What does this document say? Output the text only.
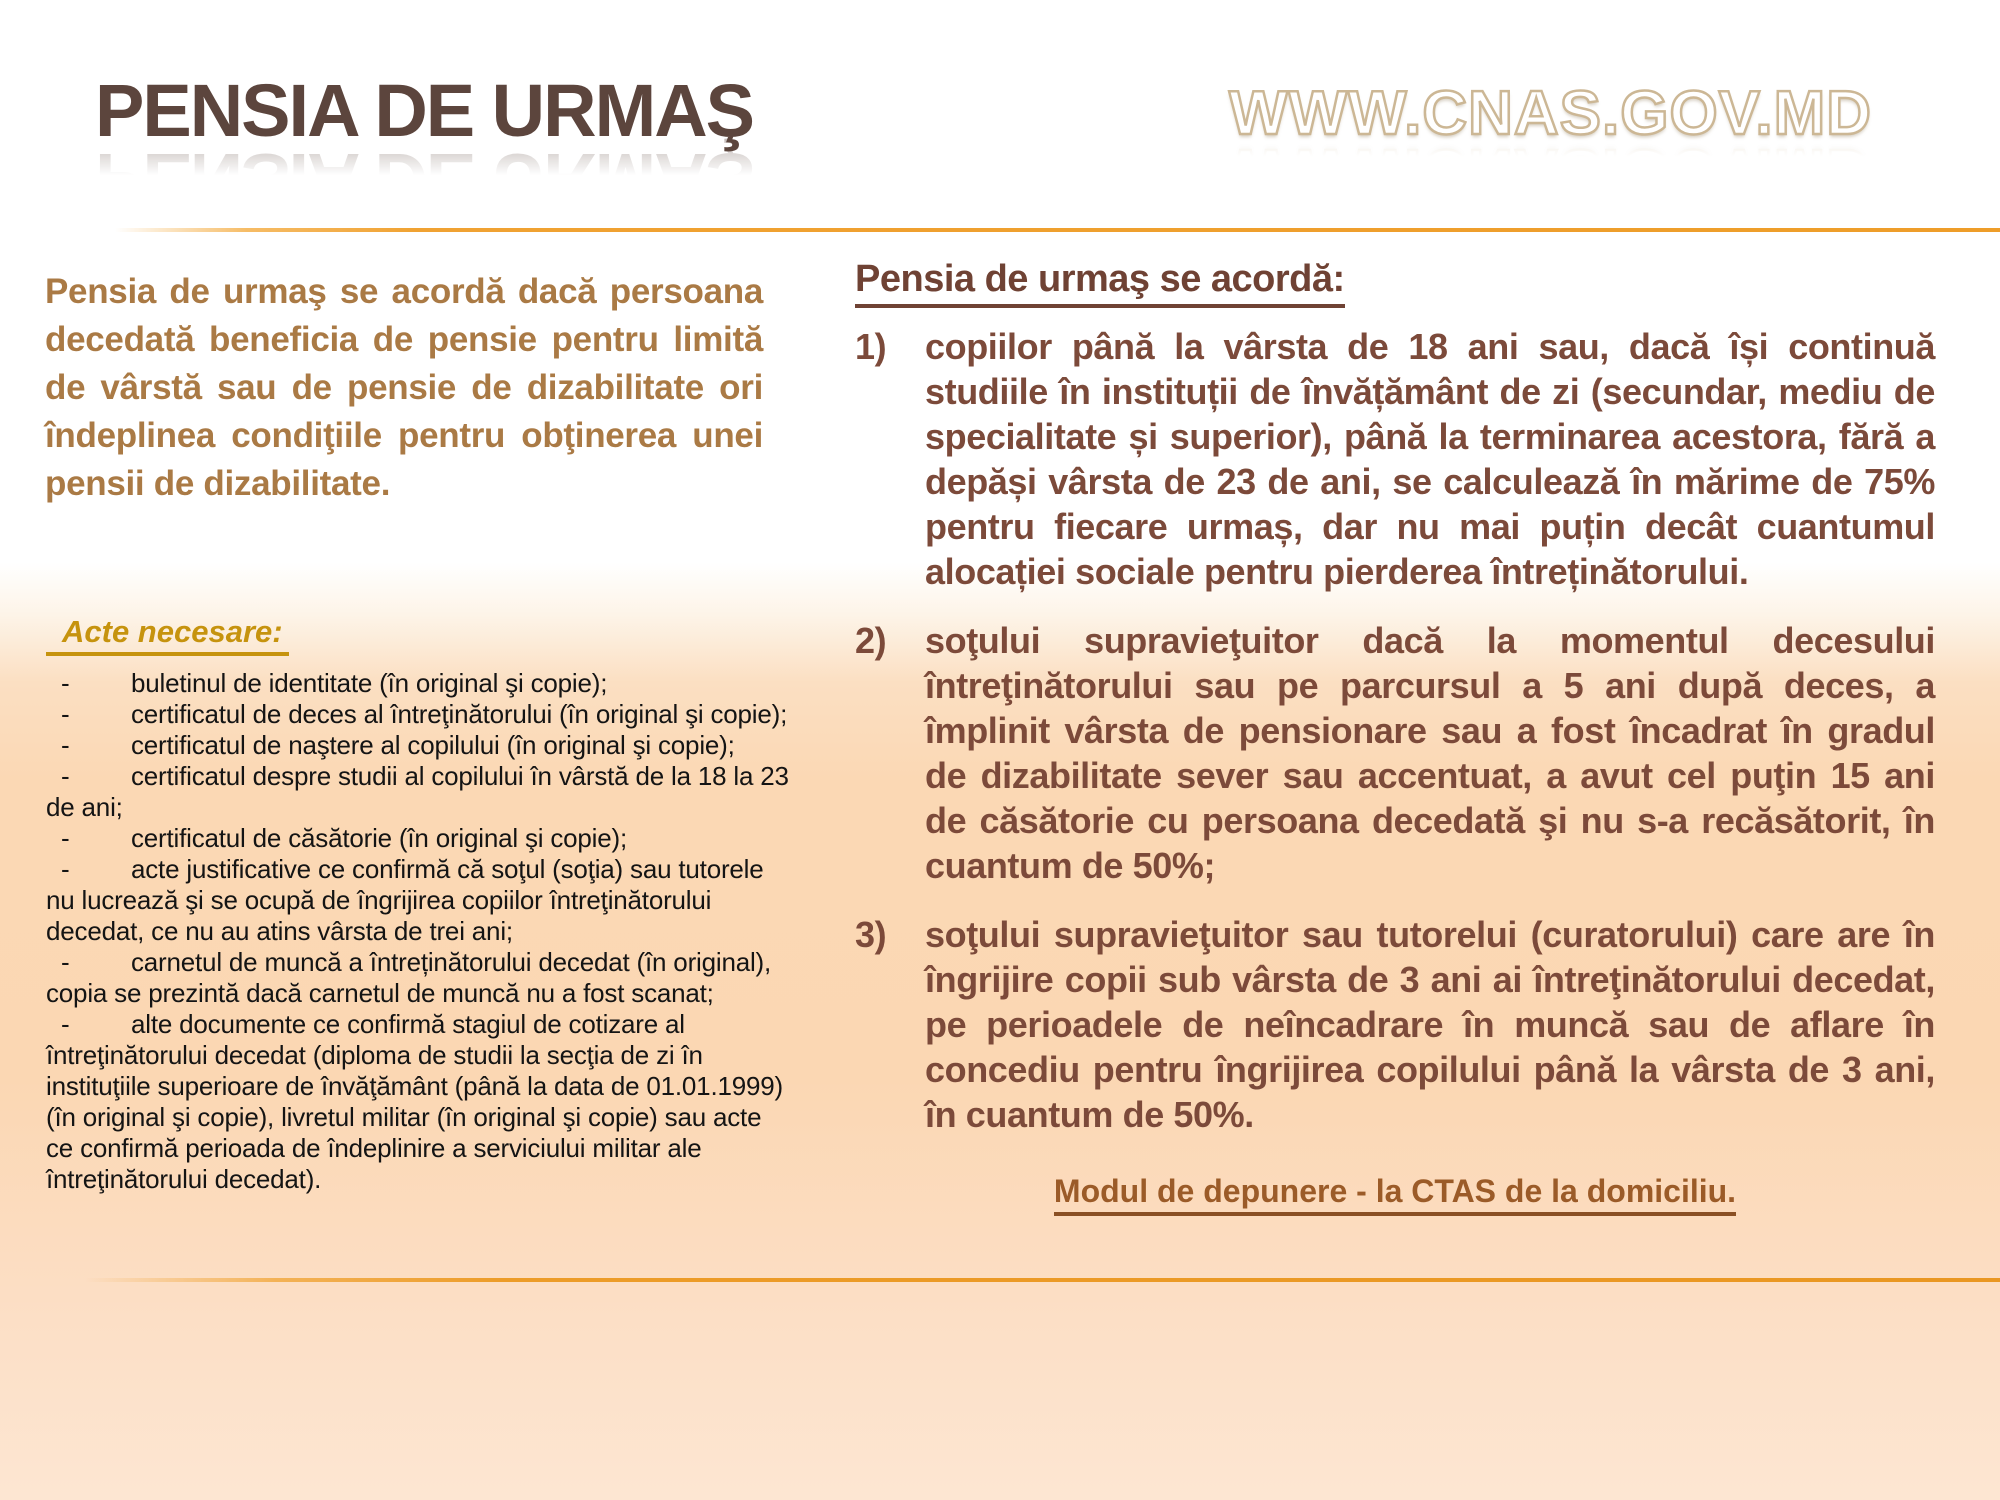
PENSIA DE URMAŞ	WWW.CNAS.GOV.MD

Pensia de urmaş se acordă dacă persoana decedată beneficia de pensie pentru limită de vârstă sau de pensie de dizabilitate ori îndeplinea condiţiile pentru obţinerea unei pensii de dizabilitate.

Acte necesare:
- buletinul de identitate (în original şi copie);
- certificatul de deces al întreţinătorului (în original şi copie);
- certificatul de naştere al copilului (în original şi copie);
- certificatul despre studii al copilului în vârstă de la 18 la 23 de ani;
- certificatul de căsătorie (în original şi copie);
- acte justificative ce confirmă că soţul (soţia) sau tutorele nu lucrează şi se ocupă de îngrijirea copiilor întreţinătorului decedat, ce nu au atins vârsta de trei ani;
- carnetul de muncă a întreținătorului decedat (în original), copia se prezintă dacă carnetul de muncă nu a fost scanat;
- alte documente ce confirmă stagiul de cotizare al întreţinătorului decedat (diploma de studii la secţia de zi în instituţiile superioare de învăţământ (până la data de 01.01.1999) (în original şi copie), livretul militar (în original şi copie) sau acte ce confirmă perioada de îndeplinire a serviciului militar ale întreţinătorului decedat).
Pensia de urmaş se acordă:
1) copiilor până la vârsta de 18 ani sau, dacă își continuă studiile în instituții de învățământ de zi (secundar, mediu de specialitate și superior), până la terminarea acestora, fără a depăși vârsta de 23 de ani, se calculează în mărime de 75% pentru fiecare urmaș, dar nu mai puțin decât cuantumul alocației sociale pentru pierderea întreținătorului.
2) soţului supravieţuitor dacă la momentul decesului întreţinătorului sau pe parcursul a 5 ani după deces, a împlinit vârsta de pensionare sau a fost încadrat în gradul de dizabilitate sever sau accentuat, a avut cel puţin 15 ani de căsătorie cu persoana decedată şi nu s-a recăsătorit, în cuantum de 50%;
3) soţului supravieţuitor sau tutorelui (curatorului) care are în îngrijire copii sub vârsta de 3 ani ai întreţinătorului decedat, pe perioadele de neîncadrare în muncă sau de aflare în concediu pentru îngrijirea copilului până la vârsta de 3 ani, în cuantum de 50%.
Modul de depunere - la CTAS de la domiciliu.
